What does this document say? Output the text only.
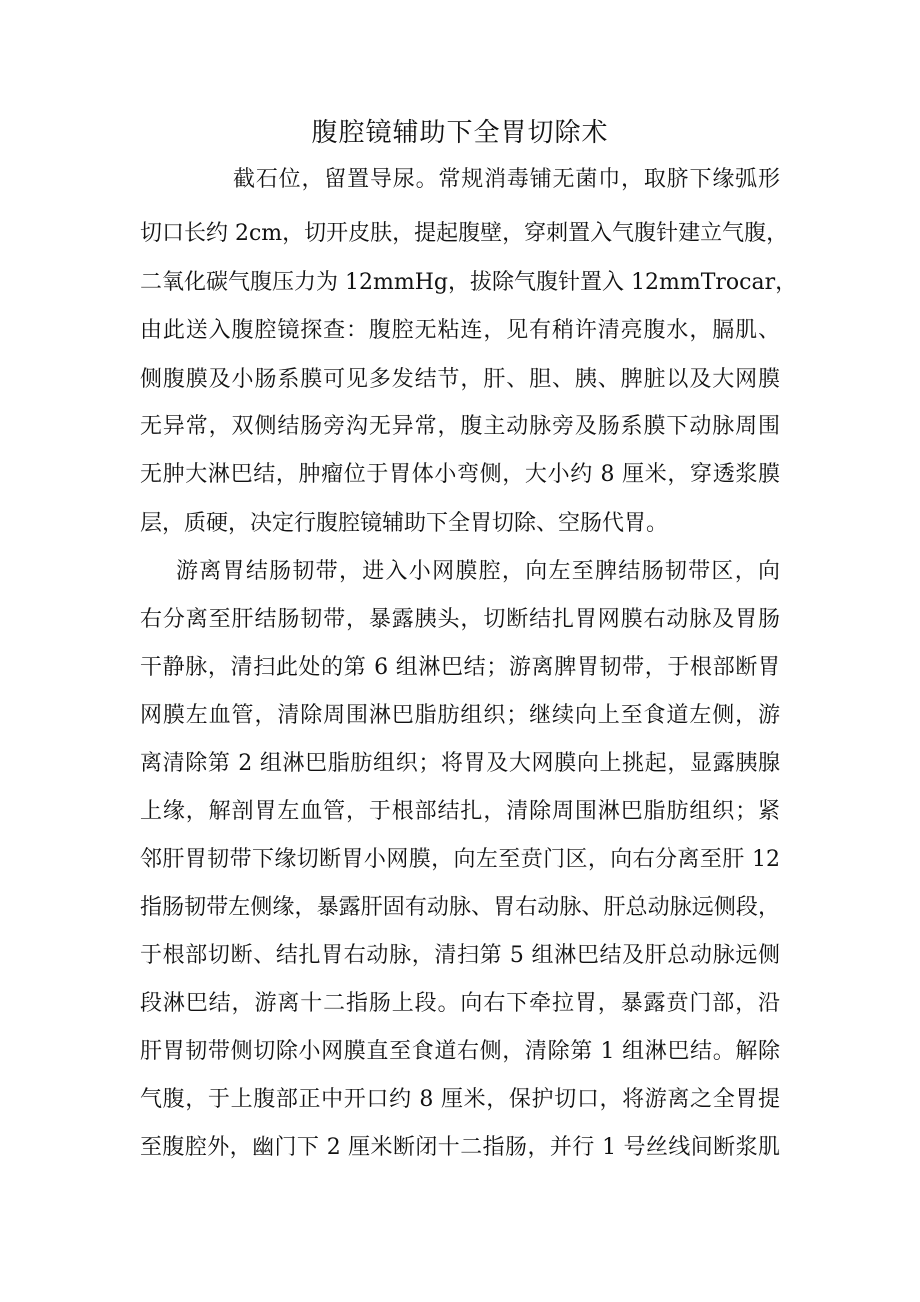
腹腔镜辅助下全胃切除术

截石位，留置导尿。常规消毒铺无菌巾，取脐下缘弧形

切口长约 2cm，切开皮肤，提起腹壁，穿刺置入气腹针建立气腹，

二氧化碳气腹压力为 12mmHg，拔除气腹针置入 12mmTrocar，

由此送入腹腔镜探查：腹腔无粘连，见有稍许清亮腹水，膈肌、

侧腹膜及小肠系膜可见多发结节，肝、胆、胰、脾脏以及大网膜

无异常，双侧结肠旁沟无异常，腹主动脉旁及肠系膜下动脉周围

无肿大淋巴结，肿瘤位于胃体小弯侧，大小约 8 厘米，穿透浆膜

层，质硬，决定行腹腔镜辅助下全胃切除、空肠代胃。

游离胃结肠韧带，进入小网膜腔，向左至脾结肠韧带区，向

右分离至肝结肠韧带，暴露胰头，切断结扎胃网膜右动脉及胃肠

干静脉，清扫此处的第 6 组淋巴结；游离脾胃韧带，于根部断胃

网膜左血管，清除周围淋巴脂肪组织；继续向上至食道左侧，游

离清除第 2 组淋巴脂肪组织；将胃及大网膜向上挑起，显露胰腺

上缘，解剖胃左血管，于根部结扎，清除周围淋巴脂肪组织；紧

邻肝胃韧带下缘切断胃小网膜，向左至贲门区，向右分离至肝 12

指肠韧带左侧缘，暴露肝固有动脉、胃右动脉、肝总动脉远侧段，

于根部切断、结扎胃右动脉，清扫第 5 组淋巴结及肝总动脉远侧

段淋巴结，游离十二指肠上段。向右下牵拉胃，暴露贲门部，沿

肝胃韧带侧切除小网膜直至食道右侧，清除第 1 组淋巴结。解除

气腹，于上腹部正中开口约 8 厘米，保护切口，将游离之全胃提

至腹腔外，幽门下 2 厘米断闭十二指肠，并行 1 号丝线间断浆肌
